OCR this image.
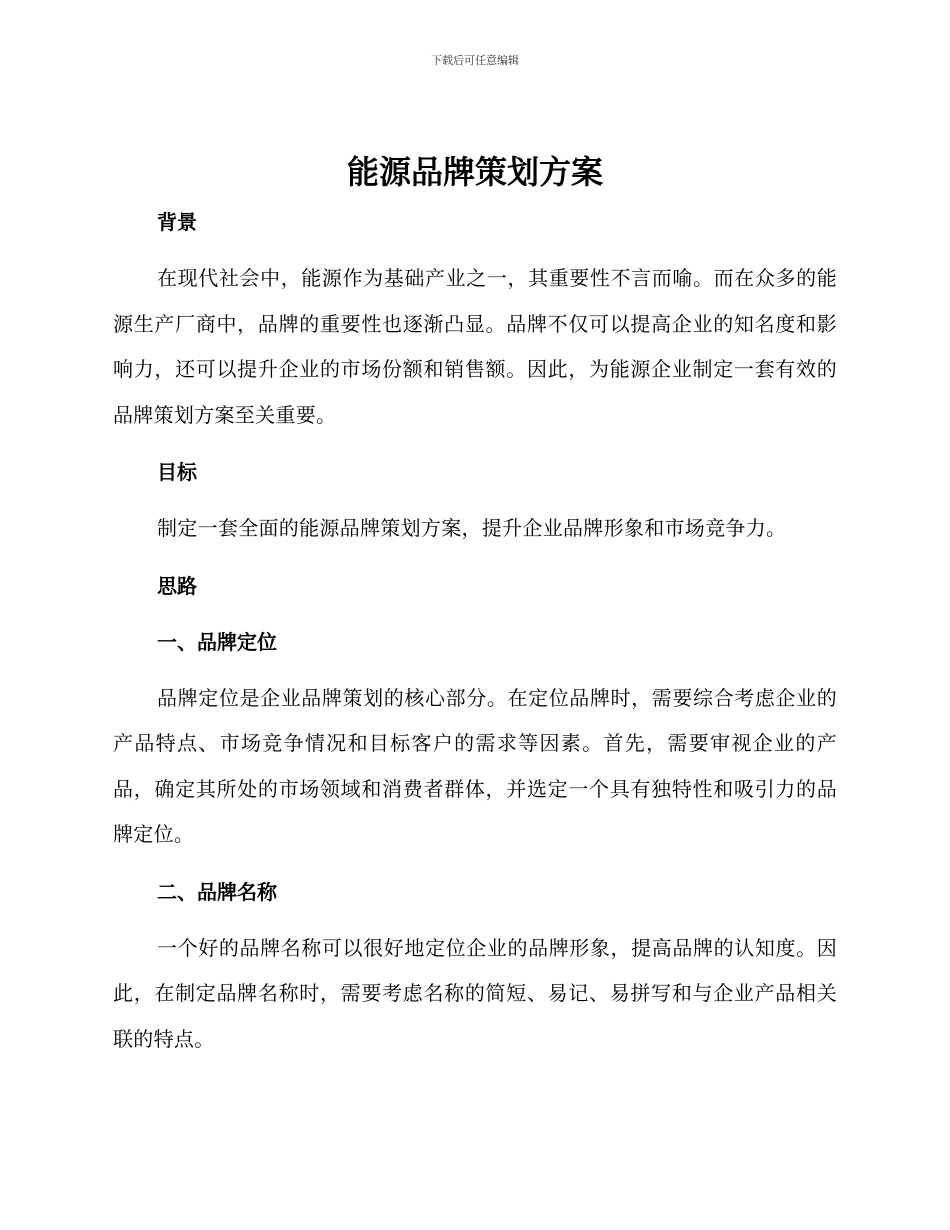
下载后可任意编辑
能源品牌策划方案
背景

在现代社会中，能源作为基础产业之一，其重要性不言而喻。而在众多的能源生产厂商中，品牌的重要性也逐渐凸显。品牌不仅可以提高企业的知名度和影响力，还可以提升企业的市场份额和销售额。因此，为能源企业制定一套有效的品牌策划方案至关重要。

目标

制定一套全面的能源品牌策划方案，提升企业品牌形象和市场竞争力。

思路
一、品牌定位

品牌定位是企业品牌策划的核心部分。在定位品牌时，需要综合考虑企业的产品特点、市场竞争情况和目标客户的需求等因素。首先，需要审视企业的产品，确定其所处的市场领域和消费者群体，并选定一个具有独特性和吸引力的品牌定位。

二、品牌名称

一个好的品牌名称可以很好地定位企业的品牌形象，提高品牌的认知度。因此，在制定品牌名称时，需要考虑名称的简短、易记、易拼写和与企业产品相关联的特点。
